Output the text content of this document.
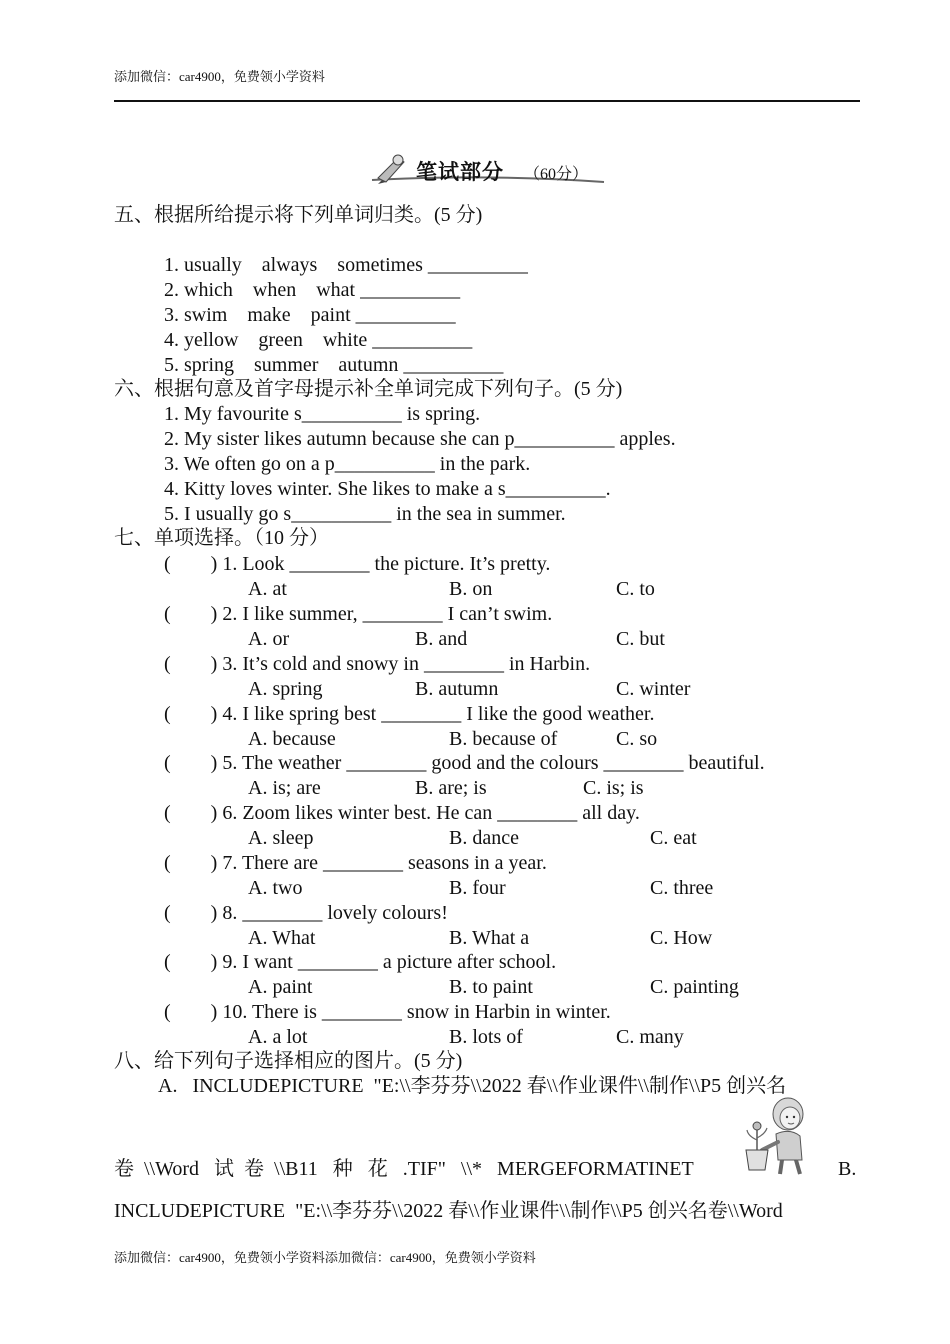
添加微信：car4900，免费领小学资料
笔试部分 （60分）
五、根据所给提示将下列单词归类。(5 分)
1. usually    always    sometimes __________
2. which    when    what __________
3. swim    make    paint __________
4. yellow    green    white __________
5. spring    summer    autumn __________
六、根据句意及首字母提示补全单词完成下列句子。(5 分)
1. My favourite s__________ is spring.
2. My sister likes autumn because she can p__________ apples.
3. We often go on a p__________ in the park.
4. Kitty loves winter. She likes to make a s__________.
5. I usually go s__________ in the sea in summer.
七、单项选择。（10 分）
(        ) 1. Look ________ the picture. It’s pretty.

A. at

	B. on

	C. to

(        ) 2. I like summer, ________ I can’t swim.

A. or

	B. and

	C. but

(        ) 3. It’s cold and snowy in ________ in Harbin.

A. spring

	B. autumn

	C. winter

(        ) 4. I like spring best ________ I like the good weather.

A. because

	B. because of

	C. so

(        ) 5. The weather ________ good and the colours ________ beautiful.

A. is; are

	B. are; is

	C. is; is

(        ) 6. Zoom likes winter best. He can ________ all day.

A. sleep

	B. dance

	C. eat

(        ) 7. There are ________ seasons in a year.

A. two

	B. four

	C. three

(        ) 8. ________ lovely colours!

A. What

	B. What a

	C. How

(        ) 9. I want ________ a picture after school.

A. paint

	B. to paint

	C. painting

(        ) 10. There is ________ snow in Harbin in winter.

A. a lot

	B. lots of

	C. many

八、给下列句子选择相应的图片。(5 分)
A.   INCLUDEPICTURE  "E:\\李芬芬\\2022 春\\作业课件\\制作\\P5 创兴名
卷  \\Word   试  卷  \\B11   种   花   .TIF"   \\*   MERGEFORMATINET	B.
INCLUDEPICTURE  "E:\\李芬芬\\2022 春\\作业课件\\制作\\P5 创兴名卷\\Word
添加微信：car4900，免费领小学资料添加微信：car4900，免费领小学资料
